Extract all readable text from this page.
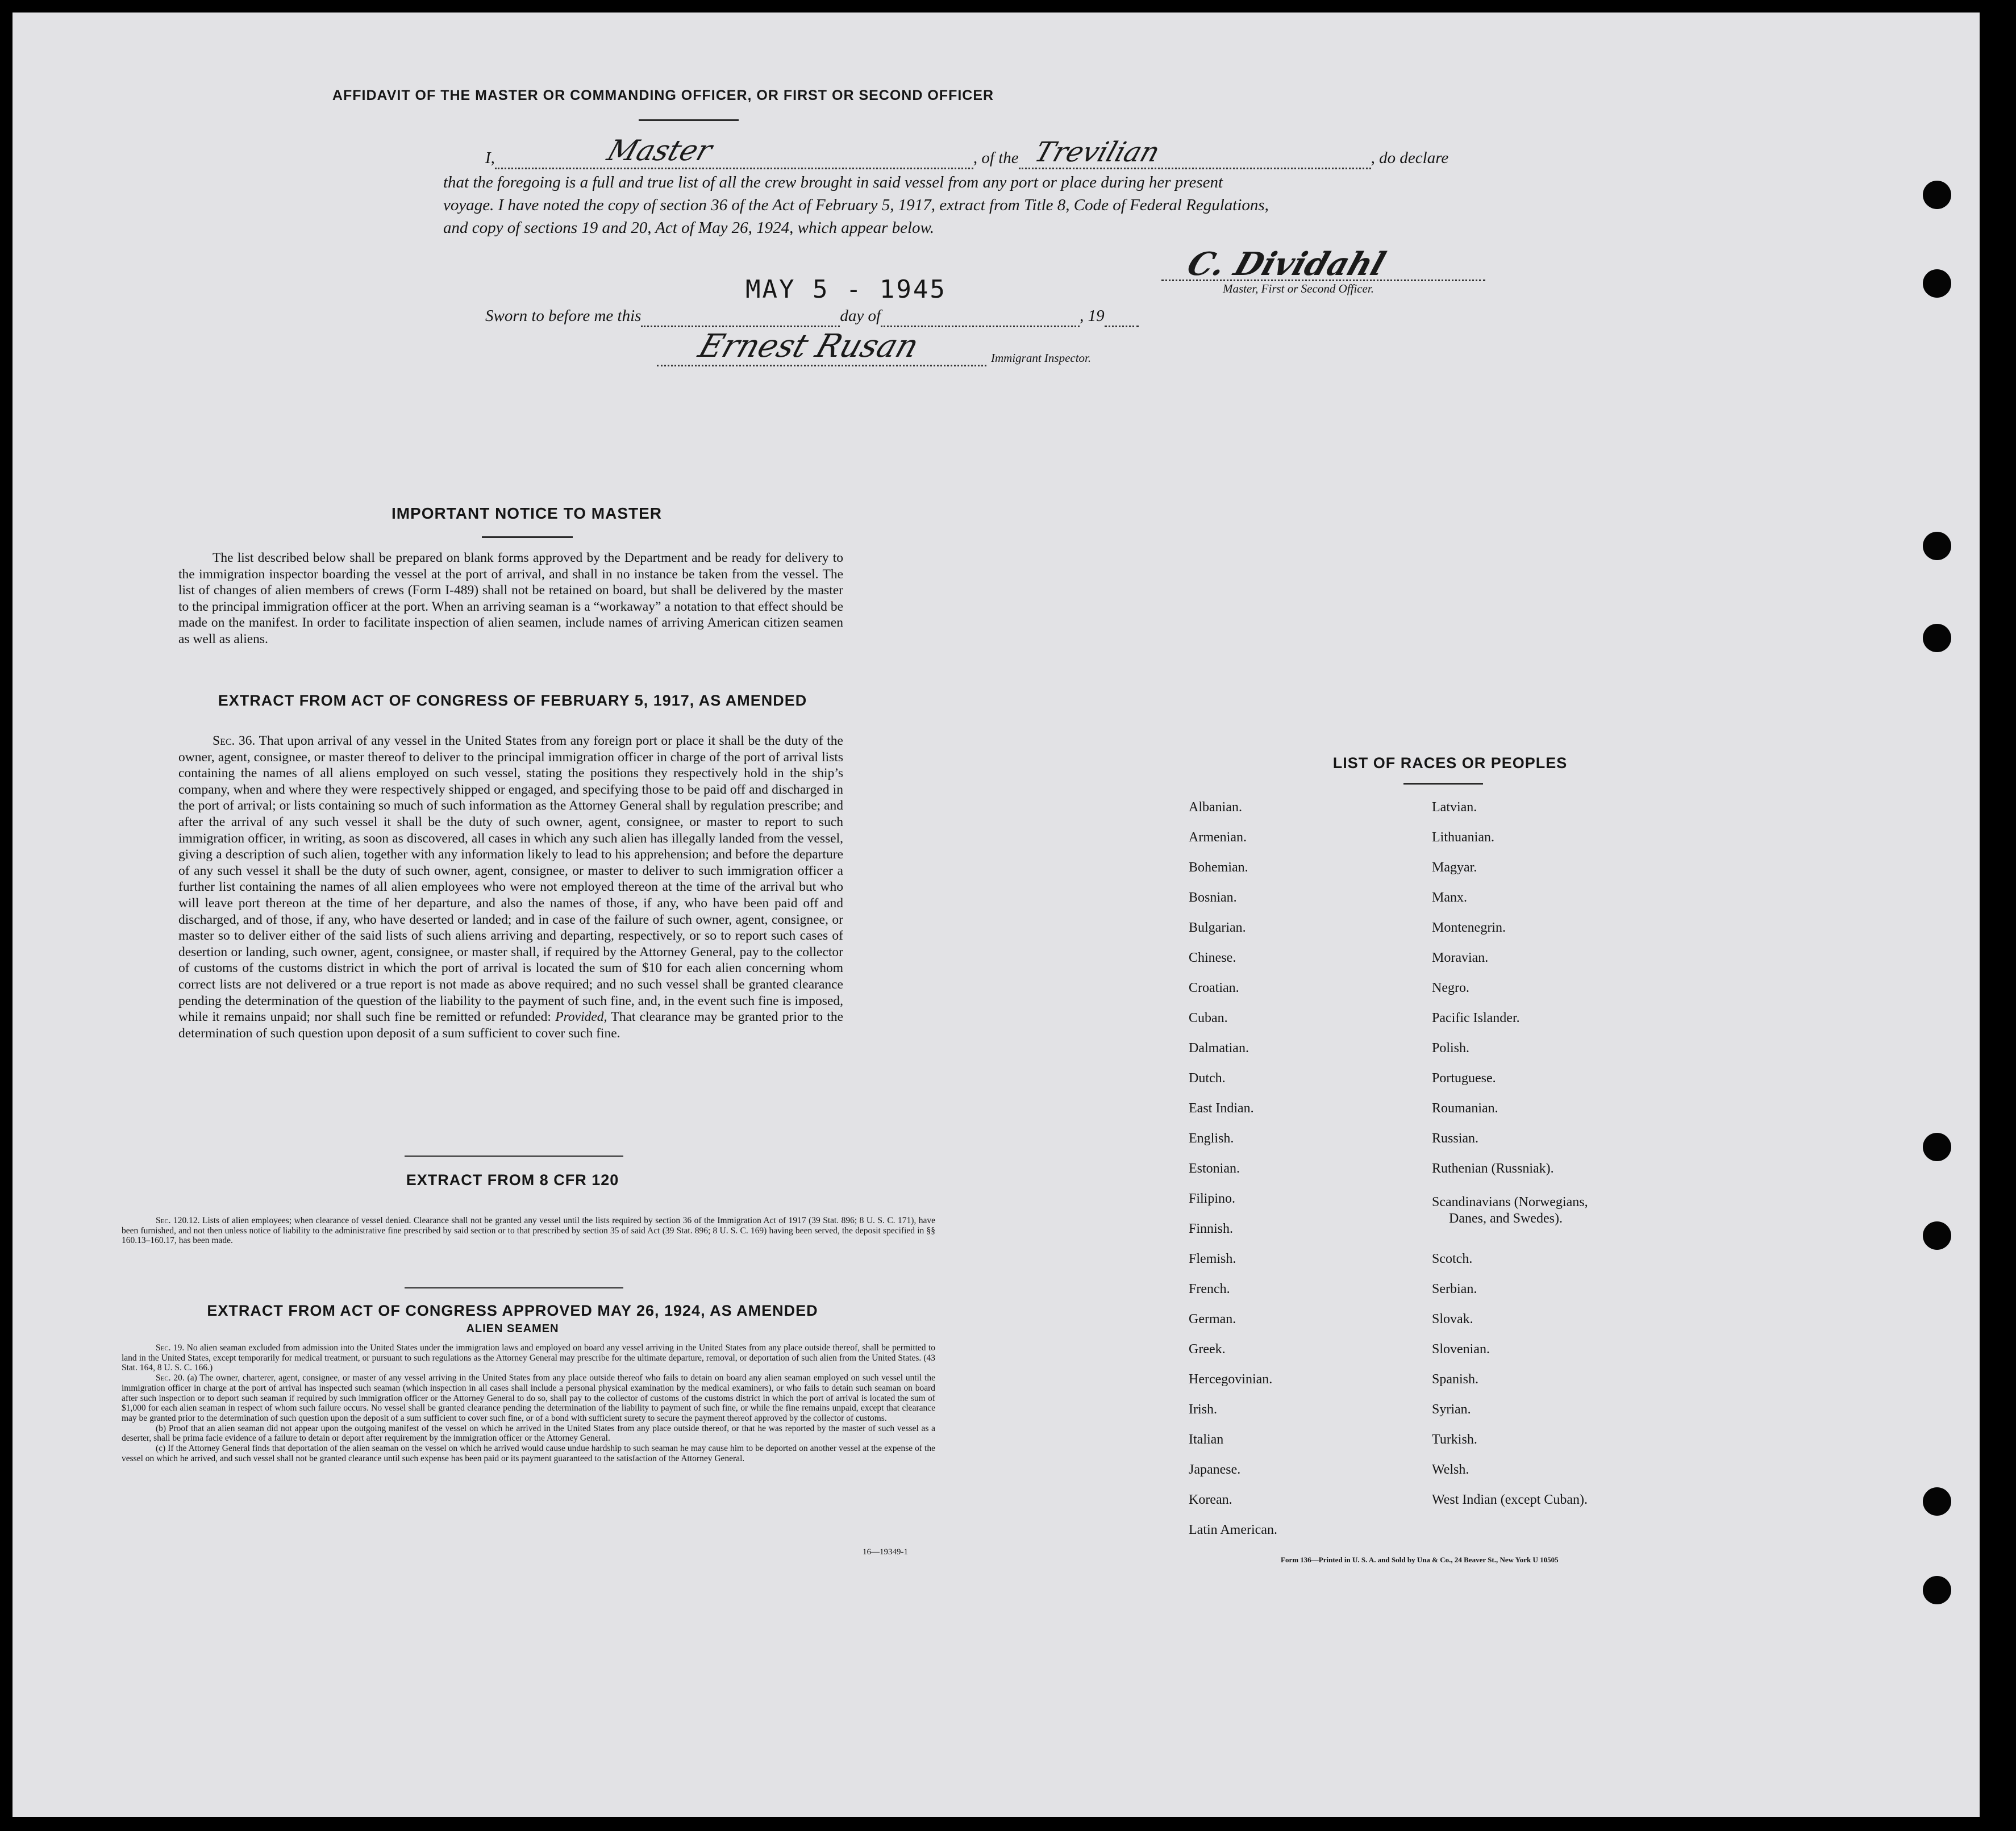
AFFIDAVIT OF THE MASTER OR COMMANDING OFFICER, OR FIRST OR SECOND OFFICER
I,	Master	, of the Trevilian	, do declare
that the foregoing is a full and true list of all the crew brought in said vessel from any port or place during her present
voyage. I have noted the copy of section 36 of the Act of February 5, 1917, extract from Title 8, Code of Federal Regulations,
and copy of sections 19 and 20, Act of May 26, 1924, which appear below.
C. Dividahl
Master, First or Second Officer.
MAY 5 - 1945
Sworn to before me this	day of	, 19
Ernest Rusan	Immigrant Inspector.
IMPORTANT NOTICE TO MASTER
The list described below shall be prepared on blank forms approved by the Department and be ready for delivery to the immigration inspector boarding the vessel at the port of arrival, and shall in no instance be taken from the vessel. The list of changes of alien members of crews (Form I-489) shall not be retained on board, but shall be delivered by the master to the principal immigration officer at the port. When an arriving seaman is a “workaway” a notation to that effect should be made on the manifest. In order to facilitate inspection of alien seamen, include names of arriving American citizen seamen as well as aliens.
EXTRACT FROM ACT OF CONGRESS OF FEBRUARY 5, 1917, AS AMENDED
Sec. 36. That upon arrival of any vessel in the United States from any foreign port or place it shall be the duty of the owner, agent, consignee, or master thereof to deliver to the principal immigration officer in charge of the port of arrival lists containing the names of all aliens employed on such vessel, stating the positions they respectively hold in the ship’s company, when and where they were respectively shipped or engaged, and specifying those to be paid off and discharged in the port of arrival; or lists containing so much of such information as the Attorney General shall by regulation prescribe; and after the arrival of any such vessel it shall be the duty of such owner, agent, consignee, or master to report to such immigration officer, in writing, as soon as discovered, all cases in which any such alien has illegally landed from the vessel, giving a description of such alien, together with any information likely to lead to his apprehension; and before the departure of any such vessel it shall be the duty of such owner, agent, consignee, or master to deliver to such immigration officer a further list containing the names of all alien employees who were not employed thereon at the time of the arrival but who will leave port thereon at the time of her departure, and also the names of those, if any, who have been paid off and discharged, and of those, if any, who have deserted or landed; and in case of the failure of such owner, agent, consignee, or master so to deliver either of the said lists of such aliens arriving and departing, respectively, or so to report such cases of desertion or landing, such owner, agent, consignee, or master shall, if required by the Attorney General, pay to the collector of customs of the customs district in which the port of arrival is located the sum of $10 for each alien concerning whom correct lists are not delivered or a true report is not made as above required; and no such vessel shall be granted clearance pending the determination of the question of the liability to the payment of such fine, and, in the event such fine is imposed, while it remains unpaid; nor shall such fine be remitted or refunded: Provided, That clearance may be granted prior to the determination of such question upon deposit of a sum sufficient to cover such fine.
EXTRACT FROM 8 CFR 120
Sec. 120.12. Lists of alien employees; when clearance of vessel denied. Clearance shall not be granted any vessel until the lists required by section 36 of the Immigration Act of 1917 (39 Stat. 896; 8 U. S. C. 171), have been furnished, and not then unless notice of liability to the administrative fine prescribed by said section or to that prescribed by section 35 of said Act (39 Stat. 896; 8 U. S. C. 169) having been served, the deposit specified in §§ 160.13–160.17, has been made.
EXTRACT FROM ACT OF CONGRESS APPROVED MAY 26, 1924, AS AMENDED
ALIEN SEAMEN
Sec. 19. No alien seaman excluded from admission into the United States under the immigration laws and employed on board any vessel arriving in the United States from any place outside thereof, shall be permitted to land in the United States, except temporarily for medical treatment, or pursuant to such regulations as the Attorney General may prescribe for the ultimate departure, removal, or deportation of such alien from the United States. (43 Stat. 164, 8 U. S. C. 166.)
Sec. 20. (a) The owner, charterer, agent, consignee, or master of any vessel arriving in the United States from any place outside thereof who fails to detain on board any alien seaman employed on such vessel until the immigration officer in charge at the port of arrival has inspected such seaman (which inspection in all cases shall include a personal physical examination by the medical examiners), or who fails to detain such seaman on board after such inspection or to deport such seaman if required by such immigration officer or the Attorney General to do so, shall pay to the collector of customs of the customs district in which the port of arrival is located the sum of $1,000 for each alien seaman in respect of whom such failure occurs. No vessel shall be granted clearance pending the determination of the liability to payment of such fine, or while the fine remains unpaid, except that clearance may be granted prior to the determination of such question upon the deposit of a sum sufficient to cover such fine, or of a bond with sufficient surety to secure the payment thereof approved by the collector of customs.
(b) Proof that an alien seaman did not appear upon the outgoing manifest of the vessel on which he arrived in the United States from any place outside thereof, or that he was reported by the master of such vessel as a deserter, shall be prima facie evidence of a failure to detain or deport after requirement by the immigration officer or the Attorney General.
(c) If the Attorney General finds that deportation of the alien seaman on the vessel on which he arrived would cause undue hardship to such seaman he may cause him to be deported on another vessel at the expense of the vessel on which he arrived, and such vessel shall not be granted clearance until such expense has been paid or its payment guaranteed to the satisfaction of the Attorney General.
16—19349-1
LIST OF RACES OR PEOPLES
Albanian.
Armenian.
Bohemian.
Bosnian.
Bulgarian.
Chinese.
Croatian.
Cuban.
Dalmatian.
Dutch.
East Indian.
English.
Estonian.
Filipino.
Finnish.
Flemish.
French.
German.
Greek.
Hercegovinian.
Irish.
Italian
Japanese.
Korean.
Latin American.
Latvian.
Lithuanian.
Magyar.
Manx.
Montenegrin.
Moravian.
Negro.
Pacific Islander.
Polish.
Portuguese.
Roumanian.
Russian.
Ruthenian (Russniak).
Scandinavians (Norwegians,
Danes, and Swedes).
Scotch.
Serbian.
Slovak.
Slovenian.
Spanish.
Syrian.
Turkish.
Welsh.
West Indian (except Cuban).
Form 136—Printed in U. S. A. and Sold by Una & Co., 24 Beaver St., New York U 10505
